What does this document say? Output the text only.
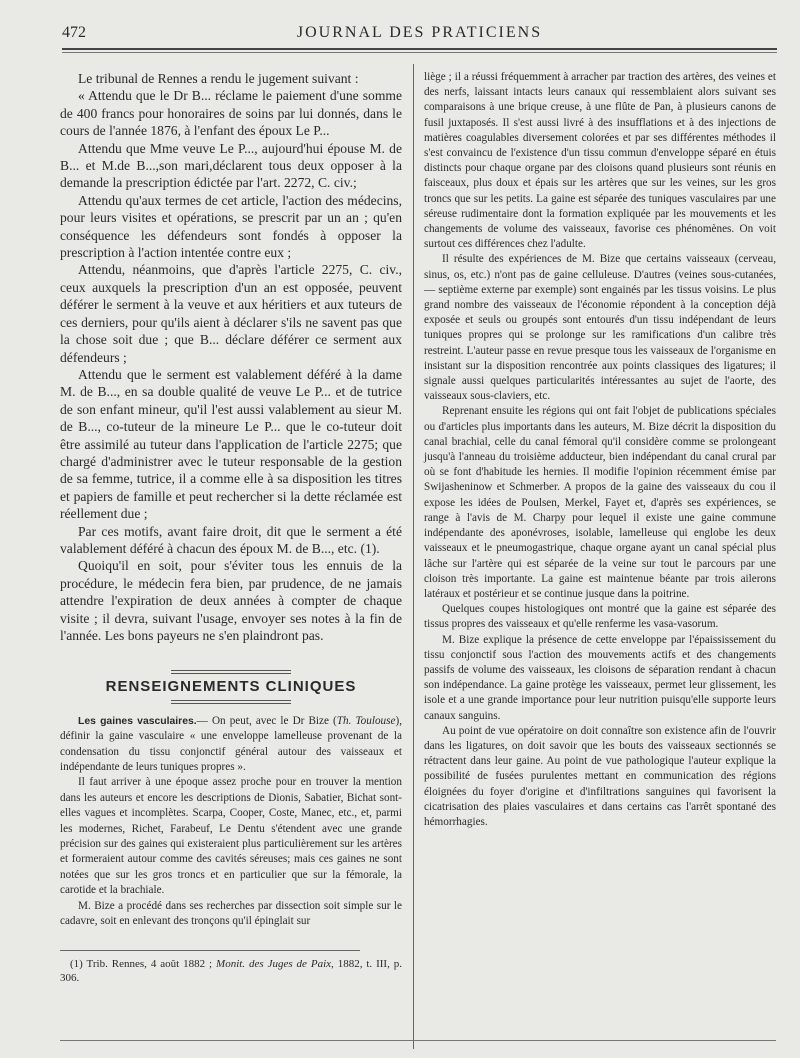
472	JOURNAL DES PRATICIENS

Le tribunal de Rennes a rendu le jugement suivant :

« Attendu que le Dr B... réclame le paiement d'une somme de 400 francs pour honoraires de soins par lui donnés, dans le cours de l'année 1876, à l'enfant des époux Le P...

Attendu que Mme veuve Le P..., aujourd'hui épouse M. de B... et M.de B...,son mari,déclarent tous deux opposer à la demande la prescription édictée par l'art. 2272, C. civ.;

Attendu qu'aux termes de cet article, l'action des médecins, pour leurs visites et opérations, se prescrit par un an ; qu'en conséquence les défendeurs sont fondés à opposer la prescription à l'action intentée contre eux ;

Attendu, néanmoins, que d'après l'article 2275, C. civ., ceux auxquels la prescription d'un an est opposée, peuvent déférer le serment à la veuve et aux héritiers et aux tuteurs de ces derniers, pour qu'ils aient à déclarer s'ils ne savent pas que la chose soit due ; que B... déclare déférer ce serment aux défendeurs ;

Attendu que le serment est valablement déféré à la dame M. de B..., en sa double qualité de veuve Le P... et de tutrice de son enfant mineur, qu'il l'est aussi valablement au sieur M. de B..., co-tuteur de la mineure Le P... que le co-tuteur doit être assimilé au tuteur dans l'application de l'article 2275; que chargé d'administrer avec le tuteur responsable de la gestion de sa femme, tutrice, il a comme elle à sa disposition les titres et papiers de famille et peut rechercher si la dette réclamée est réellement due ;

Par ces motifs, avant faire droit, dit que le serment a été valablement déféré à chacun des époux M. de B..., etc. (1).

Quoiqu'il en soit, pour s'éviter tous les ennuis de la procédure, le médecin fera bien, par prudence, de ne jamais attendre l'expiration de deux années à compter de chaque visite ; il devra, suivant l'usage, envoyer ses notes à la fin de l'année. Les bons payeurs ne s'en plaindront pas.

RENSEIGNEMENTS CLINIQUES

Les gaines vasculaires.— On peut, avec le Dr Bize (Th. Toulouse), définir la gaine vasculaire « une enveloppe lamelleuse provenant de la condensation du tissu conjonctif général autour des vaisseaux et indépendante de leurs tuniques propres ».

Il faut arriver à une époque assez proche pour en trouver la mention dans les auteurs et encore les descriptions de Dionis, Sabatier, Bichat sont-elles vagues et incomplètes. Scarpa, Cooper, Coste, Manec, etc., et, parmi les modernes, Richet, Farabeuf, Le Dentu s'étendent avec une grande précision sur des gaines qui existeraient plus particulièrement sur les artères et formeraient autour comme des cavités séreuses; mais ces gaines ne sont notées que sur les gros troncs et en particulier que sur la fémorale, la carotide et la brachiale.

M. Bize a procédé dans ses recherches par dissection soit simple sur le cadavre, soit en enlevant des tronçons qu'il épinglait sur

(1) Trib. Rennes, 4 août 1882 ; Monit. des Juges de Paix, 1882, t. III, p. 306.

liège ; il a réussi fréquemment à arracher par traction des artères, des veines et des nerfs, laissant intacts leurs canaux qui ressemblaient alors suivant ses comparaisons à une brique creuse, à une flûte de Pan, à plusieurs canons de fusil juxtaposés. Il s'est aussi livré à des insufflations et à des injections de matières coagulables diversement colorées et par ses différentes méthodes il s'est convaincu de l'existence d'un tissu commun d'enveloppe séparé en étuis distincts pour chaque organe par des cloisons quand plusieurs sont réunis en faisceaux, plus doux et épais sur les artères que sur les veines, sur les gros troncs que sur les petits. La gaine est séparée des tuniques vasculaires par une séreuse rudimentaire dont la formation expliquée par les mouvements et les changements de volume des vaisseaux, favorise ces phénomènes. On voit surtout ces différences chez l'adulte.

Il résulte des expériences de M. Bize que certains vaisseaux (cerveau, sinus, os, etc.) n'ont pas de gaine celluleuse. D'autres (veines sous-cutanées, — septième externe par exemple) sont engainés par les tissus voisins. Le plus grand nombre des vaisseaux de l'économie répondent à la conception déjà exposée et seuls ou groupés sont entourés d'un tissu indépendant de leurs tuniques propres qui se prolonge sur les ramifications d'un calibre très restreint. L'auteur passe en revue presque tous les vaisseaux de l'organisme en insistant sur la disposition rencontrée aux points classiques des ligatures; il signale aussi quelques particularités intéressantes au sujet de l'aorte, des vaisseaux sous-claviers, etc.

Reprenant ensuite les régions qui ont fait l'objet de publications spéciales ou d'articles plus importants dans les auteurs, M. Bize décrit la disposition du canal brachial, celle du canal fémoral qu'il considère comme se prolongeant jusqu'à l'anneau du troisième adducteur, bien indépendant du canal crural par où se font d'habitude les hernies. Il modifie l'opinion récemment émise par Swijasheninow et Schmerber. A propos de la gaine des vaisseaux du cou il expose les idées de Poulsen, Merkel, Fayet et, d'après ses expériences, se range à l'avis de M. Charpy pour lequel il existe une gaine commune indépendante des aponévroses, isolable, lamelleuse qui englobe les deux vaisseaux et le pneumogastrique, chaque organe ayant un canal spécial plus lâche sur l'artère qui est séparée de la veine sur tout le parcours par une cloison très importante. La gaine est maintenue béante par trois ailerons latéraux et postérieur et se continue jusque dans la poitrine.

Quelques coupes histologiques ont montré que la gaine est séparée des tissus propres des vaisseaux et qu'elle renferme les vasa-vasorum.

M. Bize explique la présence de cette enveloppe par l'épaississement du tissu conjonctif sous l'action des mouvements actifs et des changements passifs de volume des vaisseaux, les cloisons de séparation rendant à chacun son indépendance. La gaine protège les vaisseaux, permet leur glissement, les isole et a une grande importance pour leur nutrition puisqu'elle supporte leurs canaux sanguins.

Au point de vue opératoire on doit connaître son existence afin de l'ouvrir dans les ligatures, on doit savoir que les bouts des vaisseaux sectionnés se rétractent dans leur gaine. Au point de vue pathologique l'auteur explique la possibilité de fusées purulentes mettant en communication des régions éloignées du foyer d'origine et d'infiltrations sanguines qui favorisent la cicatrisation des plaies vasculaires et dans certains cas l'arrêt spontané des hémorrhagies.
